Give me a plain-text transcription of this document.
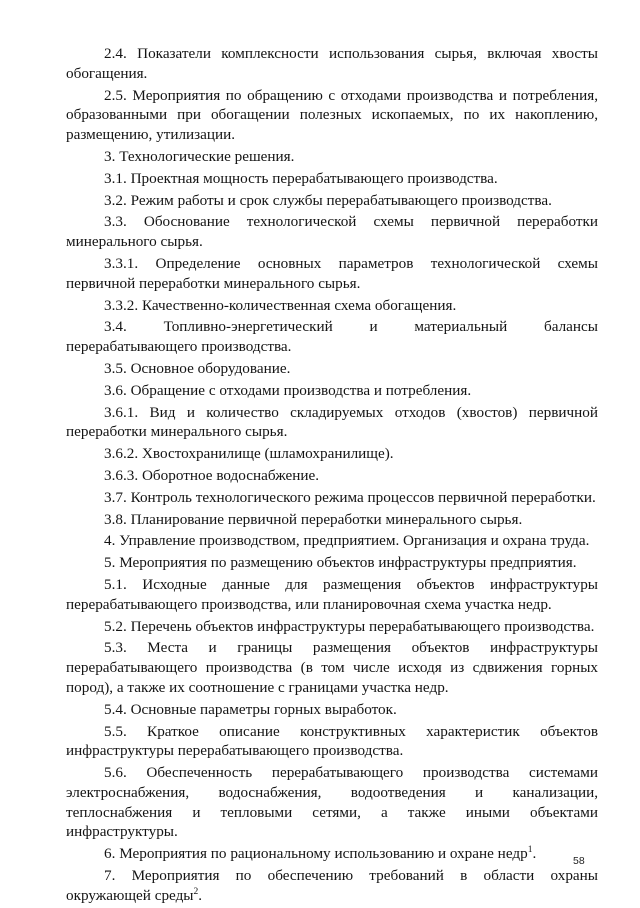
2.4. Показатели комплексности использования сырья, включая хвосты обогащения.

2.5. Мероприятия по обращению с отходами производства и потребления, образованными при обогащении полезных ископаемых, по их накоплению, размещению, утилизации.

3. Технологические решения.

3.1. Проектная мощность перерабатывающего производства.

3.2. Режим работы и срок службы перерабатывающего производства.

3.3. Обоснование технологической схемы первичной переработки минерального сырья.

3.3.1. Определение основных параметров технологической схемы первичной переработки минерального сырья.

3.3.2. Качественно-количественная схема обогащения.

3.4. Топливно-энергетический и материальный балансы перерабатывающего производства.

3.5. Основное оборудование.

3.6. Обращение с отходами производства и потребления.

3.6.1. Вид и количество складируемых отходов (хвостов) первичной переработки минерального сырья.

3.6.2. Хвостохранилище (шламохранилище).

3.6.3. Оборотное водоснабжение.

3.7. Контроль технологического режима процессов первичной переработки.

3.8. Планирование первичной переработки минерального сырья.

4. Управление производством, предприятием. Организация и охрана труда.

5. Мероприятия по размещению объектов инфраструктуры предприятия.

5.1. Исходные данные для размещения объектов инфраструктуры перерабатывающего производства, или планировочная схема участка недр.

5.2. Перечень объектов инфраструктуры перерабатывающего производства.

5.3. Места и границы размещения объектов инфраструктуры перерабатывающего производства (в том числе исходя из сдвижения горных пород), а также их соотношение с границами участка недр.

5.4. Основные параметры горных выработок.

5.5. Краткое описание конструктивных характеристик объектов инфраструктуры перерабатывающего производства.

5.6. Обеспеченность перерабатывающего производства системами электроснабжения, водоснабжения, водоотведения и канализации, теплоснабжения и тепловыми сетями, а также иными объектами инфраструктуры.

6. Мероприятия по рациональному использованию и охране недр$^1$.

7. Мероприятия по обеспечению требований в области охраны окружающей среды$^2$.

58
